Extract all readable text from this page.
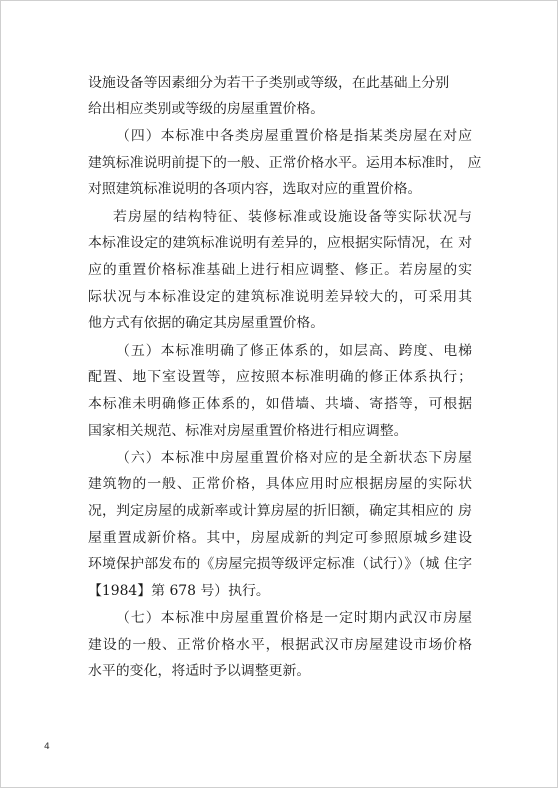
设施设备等因素细分为若干子类别或等级，在此基础上分别
给出相应类别或等级的房屋重置价格。
（四）本标准中各类房屋重置价格是指某类房屋在对应
建筑标准说明前提下的一般、正常价格水平。运用本标准时， 应
对照建筑标准说明的各项内容，选取对应的重置价格。
若房屋的结构特征、装修标准或设施设备等实际状况与
本标准设定的建筑标准说明有差异的，应根据实际情况，在 对
应的重置价格标准基础上进行相应调整、修正。若房屋的实
际状况与本标准设定的建筑标准说明差异较大的，可采用其
他方式有依据的确定其房屋重置价格。
（五）本标准明确了修正体系的，如层高、跨度、电梯
配置、地下室设置等，应按照本标准明确的修正体系执行；
本标准未明确修正体系的，如借墙、共墙、寄搭等，可根据
国家相关规范、标准对房屋重置价格进行相应调整。
（六）本标准中房屋重置价格对应的是全新状态下房屋
建筑物的一般、正常价格，具体应用时应根据房屋的实际状
况，判定房屋的成新率或计算房屋的折旧额，确定其相应的 房
屋重置成新价格。其中，房屋成新的判定可参照原城乡建设
环境保护部发布的《房屋完损等级评定标准（试行）》（城 住字
【1984】第 678 号）执行。
（七）本标准中房屋重置价格是一定时期内武汉市房屋
建设的一般、正常价格水平，根据武汉市房屋建设市场价格
水平的变化，将适时予以调整更新。
4
